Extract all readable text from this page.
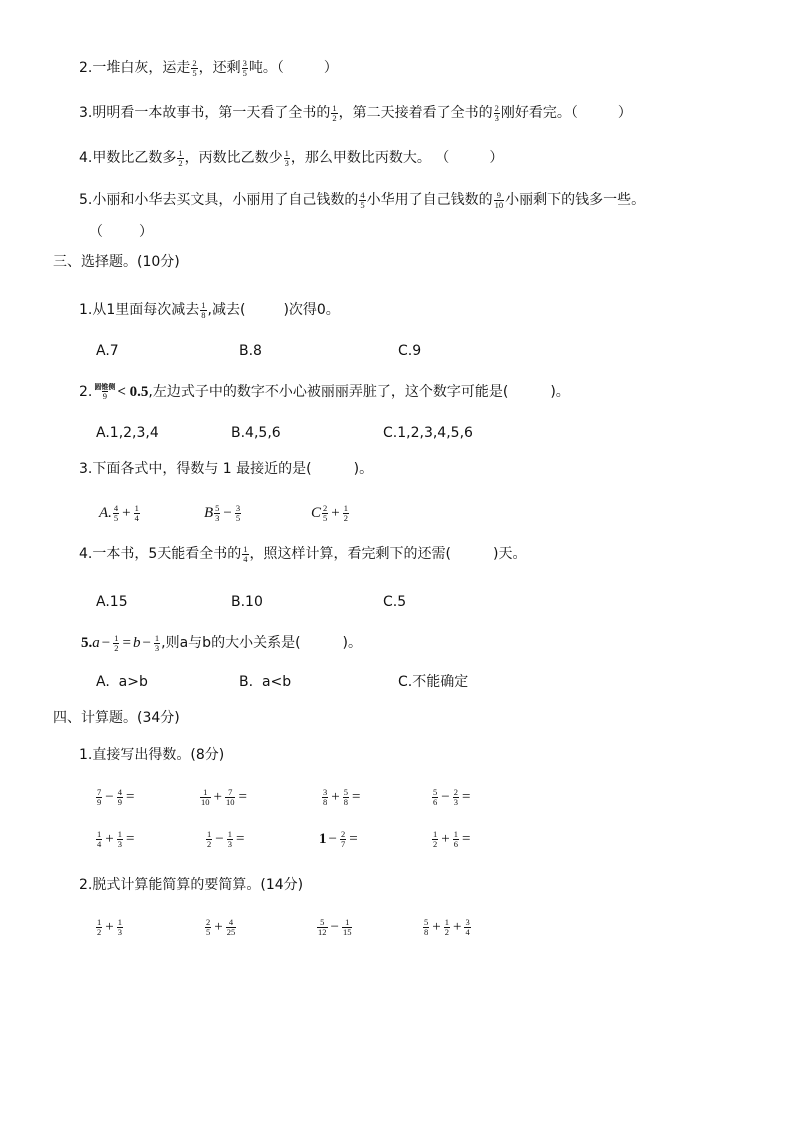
2.一堆白灰，运走 $\frac{2}{5}$ ，还剩 $\frac{3}{5}$ 吨。（	）
3.明明看一本故事书，第一天看了全书的 $\frac{1}{2}$ ，第二天接着看了全书的 $\frac{2}{3}$ 刚好看完。（	）
4.甲数比乙数多 $\frac{1}{2}$ ，丙数比乙数少 $\frac{1}{3}$ ，那么甲数比丙数大。 （	）
5.小丽和小华去买文具，小丽用了自己钱数的 $\frac{4}{5}$ 小华用了自己钱数的 $\frac{9}{10}$ 小丽剩下的钱多一些。
（	）
三、选择题。(10分)
1.从1里面每次减去 $\frac{1}{8}$ ,减去(	)次得0。
A.7	B.8	C.9
2. 圆锥侧
9 < 0.5,左边式子中的数字不小心被丽丽弄脏了，这个数字可能是(	)。
A.1,2,3,4	B.4,5,6	C.1,2,3,4,5,6
3.下面各式中，得数与 1 最接近的是(	)。
A. $\frac{4}{5} + \frac{1}{4}$	B $\frac{5}{3} - \frac{3}{5}$	C $\frac{2}{5} + \frac{1}{2}$
4.一本书，5天能看全书的 $\frac{1}{4}$ ，照这样计算，看完剩下的还需(	)天。
A.15	B.10	C.5
$5.a - \frac{1}{2} = b - \frac{1}{3}$ ,则a与b的大小关系是(	)。
A.  a>b	B.  a<b	C.不能确定
四、计算题。(34分)
1.直接写出得数。(8分)
$\frac{7}{9} - \frac{4}{9}$ =	$\frac{1}{10} + \frac{7}{10}$ =	$\frac{3}{8} + \frac{5}{8}$ =	$\frac{5}{6} - \frac{2}{3}$ =
$\frac{1}{4} + \frac{1}{3}$ =	$\frac{1}{2} - \frac{1}{3}$ =	$1 - \frac{2}{7}$ =	$\frac{1}{2} + \frac{1}{6}$ =
2.脱式计算能简算的要简算。(14分)
$\frac{1}{2} + \frac{1}{3}$	$\frac{2}{5} + \frac{4}{25}$	$\frac{5}{12} - \frac{1}{15}$	$\frac{5}{8} + \frac{1}{2} + \frac{3}{4}$
